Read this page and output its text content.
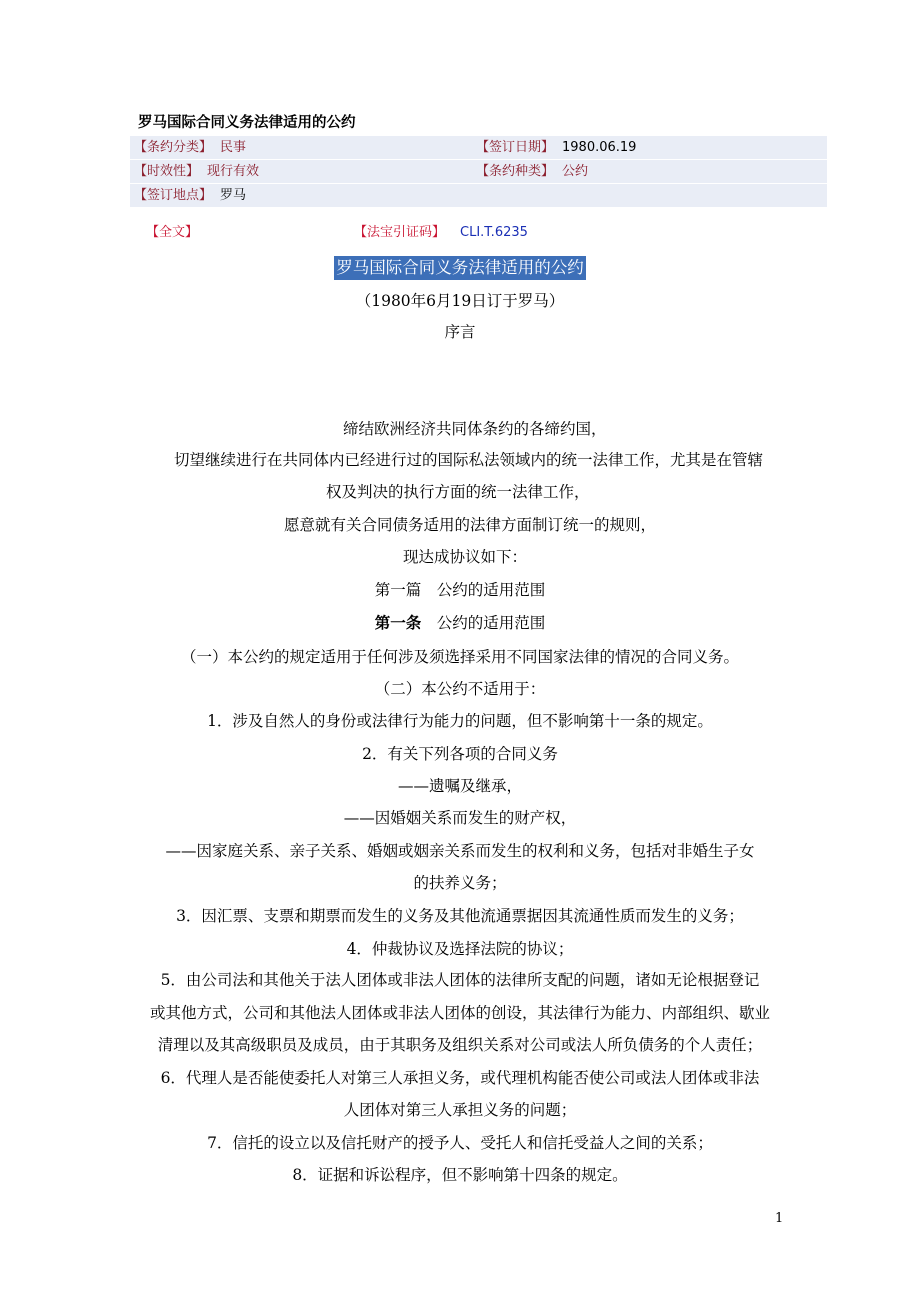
罗马国际合同义务法律适用的公约
【条约分类】 民事	【签订日期】 1980.06.19
【时效性】 现行有效	【条约种类】 公约
【签订地点】 罗马
【全文】	【法宝引证码】 CLI.T.6235
罗马国际合同义务法律适用的公约
（1980年6月19日订于罗马）
序言
缔结欧洲经济共同体条约的各缔约国，
切望继续进行在共同体内已经进行过的国际私法领域内的统一法律工作，尤其是在管辖
权及判决的执行方面的统一法律工作，
愿意就有关合同债务适用的法律方面制订统一的规则，
现达成协议如下：
第一篇　公约的适用范围
第一条　 公约的适用范围
（一）本公约的规定适用于任何涉及须选择采用不同国家法律的情况的合同义务。
（二）本公约不适用于：
1．涉及自然人的身份或法律行为能力的问题，但不影响第十一条的规定。
2．有关下列各项的合同义务
——遗嘱及继承，
——因婚姻关系而发生的财产权，
——因家庭关系、亲子关系、婚姻或姻亲关系而发生的权利和义务，包括对非婚生子女
的扶养义务；
3．因汇票、支票和期票而发生的义务及其他流通票据因其流通性质而发生的义务；
4．仲裁协议及选择法院的协议；
5．由公司法和其他关于法人团体或非法人团体的法律所支配的问题，诸如无论根据登记
或其他方式，公司和其他法人团体或非法人团体的创设，其法律行为能力、内部组织、歇业
清理以及其高级职员及成员，由于其职务及组织关系对公司或法人所负债务的个人责任；
6．代理人是否能使委托人对第三人承担义务，或代理机构能否使公司或法人团体或非法
人团体对第三人承担义务的问题；
7．信托的设立以及信托财产的授予人、受托人和信托受益人之间的关系；
8．证据和诉讼程序，但不影响第十四条的规定。
1
